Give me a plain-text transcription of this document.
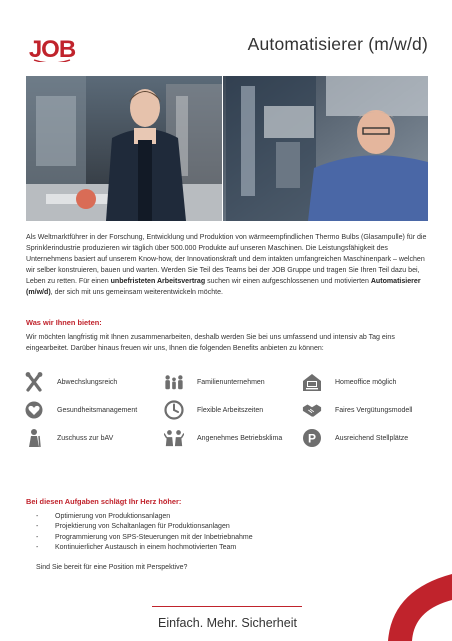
JOB	Automatisierer (m/w/d)
Als Weltmarktführer in der Forschung, Entwicklung und Produktion von wärmeempfindlichen Thermo Bulbs (Glasampulle) für die Sprinklerindustrie produzieren wir täglich über 500.000 Produkte auf unseren Maschinen. Die Leistungsfähigkeit des Unternehmens basiert auf unserem Know-how, der Innovationskraft und dem intakten umfangreichen Maschinenpark – welchen wir selber konstruieren, bauen und warten. Werden Sie Teil des Teams bei der JOB Gruppe und tragen Sie Ihren Teil dazu bei, Leben zu retten. Für einen unbefristeten Arbeitsvertrag suchen wir einen aufgeschlossenen und motivierten Automatisierer (m/w/d), der sich mit uns gemeinsam weiterentwickeln möchte.
Was wir Ihnen bieten:
Wir möchten langfristig mit Ihnen zusammenarbeiten, deshalb werden Sie bei uns umfassend und intensiv ab Tag eins eingearbeitet. Darüber hinaus freuen wir uns, Ihnen die folgenden Benefits anbieten zu können:
Abwechslungsreich	Familienunternehmen	Homeoffice möglich
Gesundheitsmanagement	Flexible Arbeitszeiten	Faires Vergütungsmodell
Zuschuss zur bAV	Angenehmes Betriebsklima P	Ausreichend Stellplätze
Bei diesen Aufgaben schlägt Ihr Herz höher:
- Optimierung von Produktionsanlagen
- Projektierung von Schaltanlagen für Produktionsanlagen
- Programmierung von SPS-Steuerungen mit der Inbetriebnahme
- Kontinuierlicher Austausch in einem hochmotivierten Team
Sind Sie bereit für eine Position mit Perspektive?
Einfach. Mehr. Sicherheit
